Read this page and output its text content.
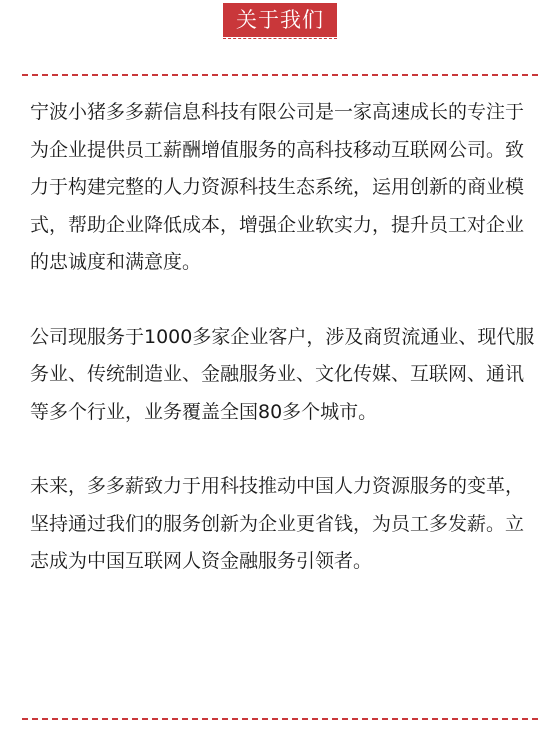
关于我们

宁波小猪多多薪信息科技有限公司是一家高速成长的专注于为企业提供员工薪酬增值服务的高科技移动互联网公司。致力于构建完整的人力资源科技生态系统，运用创新的商业模式，帮助企业降低成本，增强企业软实力，提升员工对企业的忠诚度和满意度。

公司现服务于1000多家企业客户，涉及商贸流通业、现代服务业、传统制造业、金融服务业、文化传媒、互联网、通讯等多个行业，业务覆盖全国80多个城市。

未来，多多薪致力于用科技推动中国人力资源服务的变革，坚持通过我们的服务创新为企业更省钱，为员工多发薪。立志成为中国互联网人资金融服务引领者。
